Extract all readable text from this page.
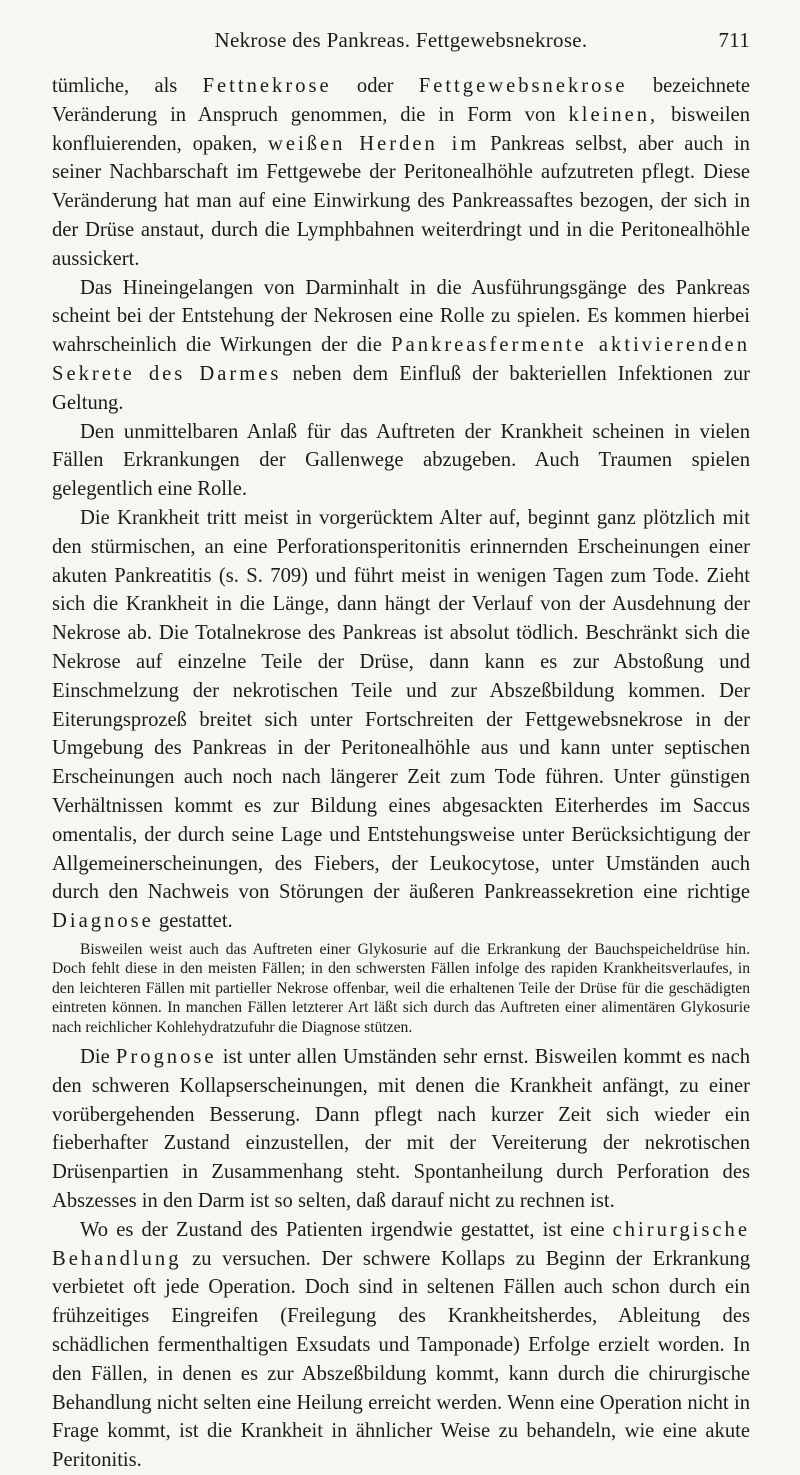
Nekrose des Pankreas. Fettgewebsnekrose.	711

tümliche, als Fettnekrose oder Fettgewebsnekrose bezeichnete Veränderung in Anspruch genommen, die in Form von kleinen, bisweilen konfluierenden, opaken, weißen Herden im Pankreas selbst, aber auch in seiner Nachbarschaft im Fettgewebe der Peritonealhöhle aufzutreten pflegt. Diese Veränderung hat man auf eine Einwirkung des Pankreassaftes bezogen, der sich in der Drüse anstaut, durch die Lymphbahnen weiterdringt und in die Peritonealhöhle aussickert.

Das Hineingelangen von Darminhalt in die Ausführungsgänge des Pankreas scheint bei der Entstehung der Nekrosen eine Rolle zu spielen. Es kommen hierbei wahrscheinlich die Wirkungen der die Pankreasfermente aktivierenden Sekrete des Darmes neben dem Einfluß der bakteriellen Infektionen zur Geltung.

Den unmittelbaren Anlaß für das Auftreten der Krankheit scheinen in vielen Fällen Erkrankungen der Gallenwege abzugeben. Auch Traumen spielen gelegentlich eine Rolle.

Die Krankheit tritt meist in vorgerücktem Alter auf, beginnt ganz plötzlich mit den stürmischen, an eine Perforationsperitonitis erinnernden Erscheinungen einer akuten Pankreatitis (s. S. 709) und führt meist in wenigen Tagen zum Tode. Zieht sich die Krankheit in die Länge, dann hängt der Verlauf von der Ausdehnung der Nekrose ab. Die Totalnekrose des Pankreas ist absolut tödlich. Beschränkt sich die Nekrose auf einzelne Teile der Drüse, dann kann es zur Abstoßung und Einschmelzung der nekrotischen Teile und zur Abszeßbildung kommen. Der Eiterungsprozeß breitet sich unter Fortschreiten der Fettgewebsnekrose in der Umgebung des Pankreas in der Peritonealhöhle aus und kann unter septischen Erscheinungen auch noch nach längerer Zeit zum Tode führen. Unter günstigen Verhältnissen kommt es zur Bildung eines abgesackten Eiterherdes im Saccus omentalis, der durch seine Lage und Entstehungsweise unter Berücksichtigung der Allgemeinerscheinungen, des Fiebers, der Leukocytose, unter Umständen auch durch den Nachweis von Störungen der äußeren Pankreassekretion eine richtige Diagnose gestattet.

Bisweilen weist auch das Auftreten einer Glykosurie auf die Erkrankung der Bauchspeicheldrüse hin. Doch fehlt diese in den meisten Fällen; in den schwersten Fällen infolge des rapiden Krankheitsverlaufes, in den leichteren Fällen mit partieller Nekrose offenbar, weil die erhaltenen Teile der Drüse für die geschädigten eintreten können. In manchen Fällen letzterer Art läßt sich durch das Auftreten einer alimentären Glykosurie nach reichlicher Kohlehydratzufuhr die Diagnose stützen.

Die Prognose ist unter allen Umständen sehr ernst. Bisweilen kommt es nach den schweren Kollapserscheinungen, mit denen die Krankheit anfängt, zu einer vorübergehenden Besserung. Dann pflegt nach kurzer Zeit sich wieder ein fieberhafter Zustand einzustellen, der mit der Vereiterung der nekrotischen Drüsenpartien in Zusammenhang steht. Spontanheilung durch Perforation des Abszesses in den Darm ist so selten, daß darauf nicht zu rechnen ist.

Wo es der Zustand des Patienten irgendwie gestattet, ist eine chirurgische Behandlung zu versuchen. Der schwere Kollaps zu Beginn der Erkrankung verbietet oft jede Operation. Doch sind in seltenen Fällen auch schon durch ein frühzeitiges Eingreifen (Freilegung des Krankheitsherdes, Ableitung des schädlichen fermenthaltigen Exsudats und Tamponade) Erfolge erzielt worden. In den Fällen, in denen es zur Abszeßbildung kommt, kann durch die chirurgische Behandlung nicht selten eine Heilung erreicht werden. Wenn eine Operation nicht in Frage kommt, ist die Krankheit in ähnlicher Weise zu behandeln, wie eine akute Peritonitis.
